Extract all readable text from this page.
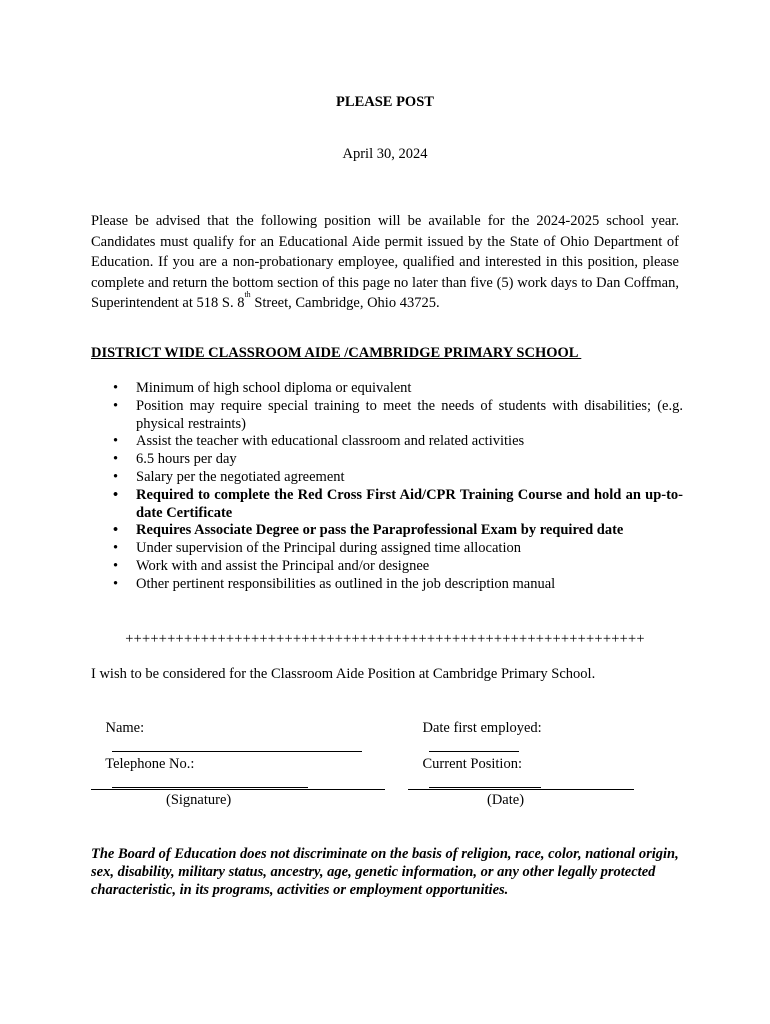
PLEASE POST
April 30, 2024
Please be advised that the following position will be available for the 2024-2025 school year. Candidates must qualify for an Educational Aide permit issued by the State of Ohio Department of Education. If you are a non-probationary employee, qualified and interested in this position, please complete and return the bottom section of this page no later than five (5) work days to Dan Coffman, Superintendent at 518 S. 8th Street, Cambridge, Ohio 43725.
DISTRICT WIDE CLASSROOM AIDE /CAMBRIDGE PRIMARY SCHOOL
• Minimum of high school diploma or equivalent
• Position may require special training to meet the needs of students with disabilities; (e.g. physical restraints)
• Assist the teacher with educational classroom and related activities
• 6.5 hours per day
• Salary per the negotiated agreement
• Required to complete the Red Cross First Aid/CPR Training Course and hold an up-to-date Certificate
• Requires Associate Degree or pass the Paraprofessional Exam by required date
• Under supervision of the Principal during assigned time allocation
• Work with and assist the Principal and/or designee
• Other pertinent responsibilities as outlined in the job description manual
++++++++++++++++++++++++++++++++++++++++++++++++++++++++++++++
I wish to be considered for the Classroom Aide Position at Cambridge Primary School.

Name:

	Date first employed:

Telephone No.:

	Current Position:

(Signature)	(Date)
The Board of Education does not discriminate on the basis of religion, race, color, national origin, sex, disability, military status, ancestry, age, genetic information, or any other legally protected characteristic, in its programs, activities or employment opportunities.
